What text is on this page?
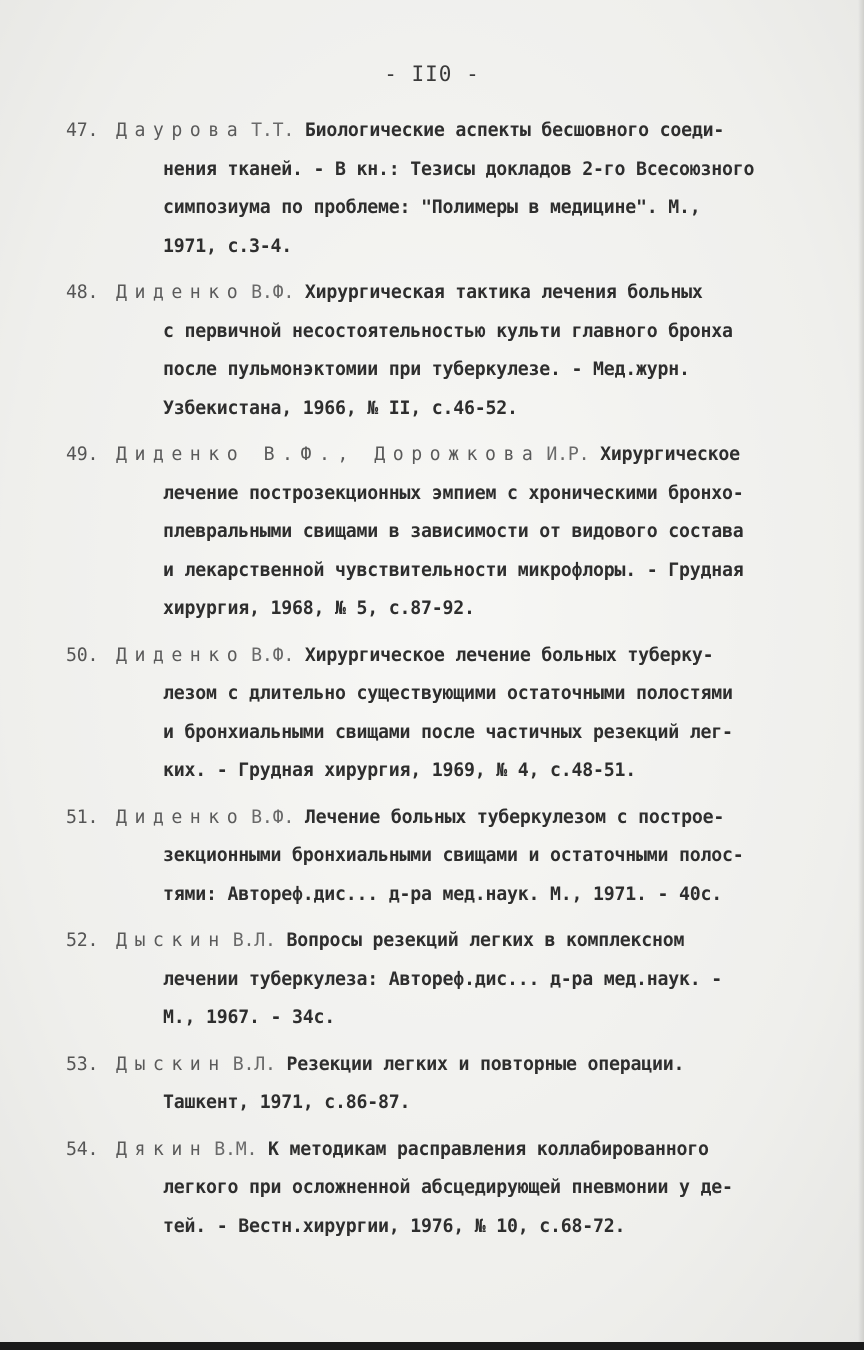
- II0 -
47. Даурова Т.Т. Биологические аспекты бесшовного соеди-
нения тканей. - В кн.: Тезисы докладов 2-го Всесоюзного
симпозиума по проблеме: "Полимеры в медицине". М.,
1971, с.3-4.
48. Диденко В.Ф. Хирургическая тактика лечения больных
с первичной несостоятельностью культи главного бронха
после пульмонэктомии при туберкулезе. - Мед.журн.
Узбекистана, 1966, № II, с.46-52.
49. Диденко В.Ф., Дорожкова И.Р. Хирургическое
лечение построзекционных эмпием с хроническими бронхо-
плевральными свищами в зависимости от видового состава
и лекарственной чувствительности микрофлоры. - Грудная
хирургия, 1968, № 5, с.87-92.
50. Диденко В.Ф. Хирургическое лечение больных туберку-
лезом с длительно существующими остаточными полостями
и бронхиальными свищами после частичных резекций лег-
ких. - Грудная хирургия, 1969, № 4, с.48-51.
51. Диденко В.Ф. Лечение больных туберкулезом с построе-
зекционными бронхиальными свищами и остаточными полос-
тями: Автореф.дис... д-ра мед.наук. М., 1971. - 40с.
52. Дыскин В.Л. Вопросы резекций легких в комплексном
лечении туберкулеза: Автореф.дис... д-ра мед.наук. -
М., 1967. - 34с.
53. Дыскин В.Л. Резекции легких и повторные операции.
Ташкент, 1971, с.86-87.
54. Дякин В.М. К методикам расправления коллабированного
легкого при осложненной абсцедирующей пневмонии у де-
тей. - Вестн.хирургии, 1976, № 10, с.68-72.
